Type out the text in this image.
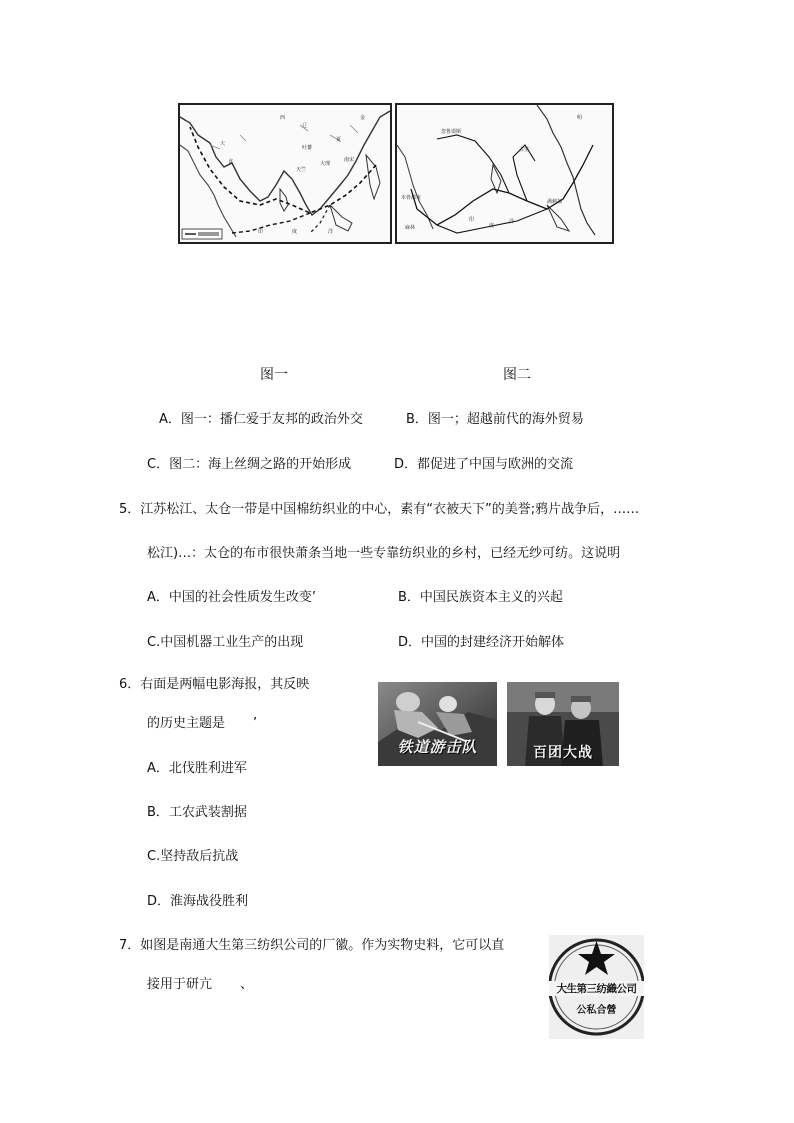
西
辽
金
夏
吐蕃
大理
南宋
天竺
大
食
印	度	洋
明
古里
忽鲁谟斯
木骨都束
麻林
满剌加
印
度
洋
图一	图二
A．图一：播仁爱于友邦的政治外交	B．图一；超越前代的海外贸易
C．图二：海上丝绸之路的开始形成	D．都促进了中国与欧洲的交流
5．江苏松江、太仓一带是中国棉纺织业的中心，素有“衣被天下”的美誉;鸦片战争后，……
松江)…：太仓的布市很快萧条当地一些专靠纺织业的乡村，已经无纱可纺。这说明
A．中国的社会性质发生改变’	B．中国民族资本主义的兴起
C.中国机器工业生产的出现	D．中国的封建经济开始解体
6．右面是两幅电影海报，其反映
的历史主题是 ’
A．北伐胜利进军
B．工农武装割据
C.坚持敌后抗战
D．淮海战役胜利
铁道游击队	百团大战
7．如图是南通大生第三纺织公司的厂徽。作为实物史料，它可以直
接用于研亢 、	大生第三纺織公司
公私合營
